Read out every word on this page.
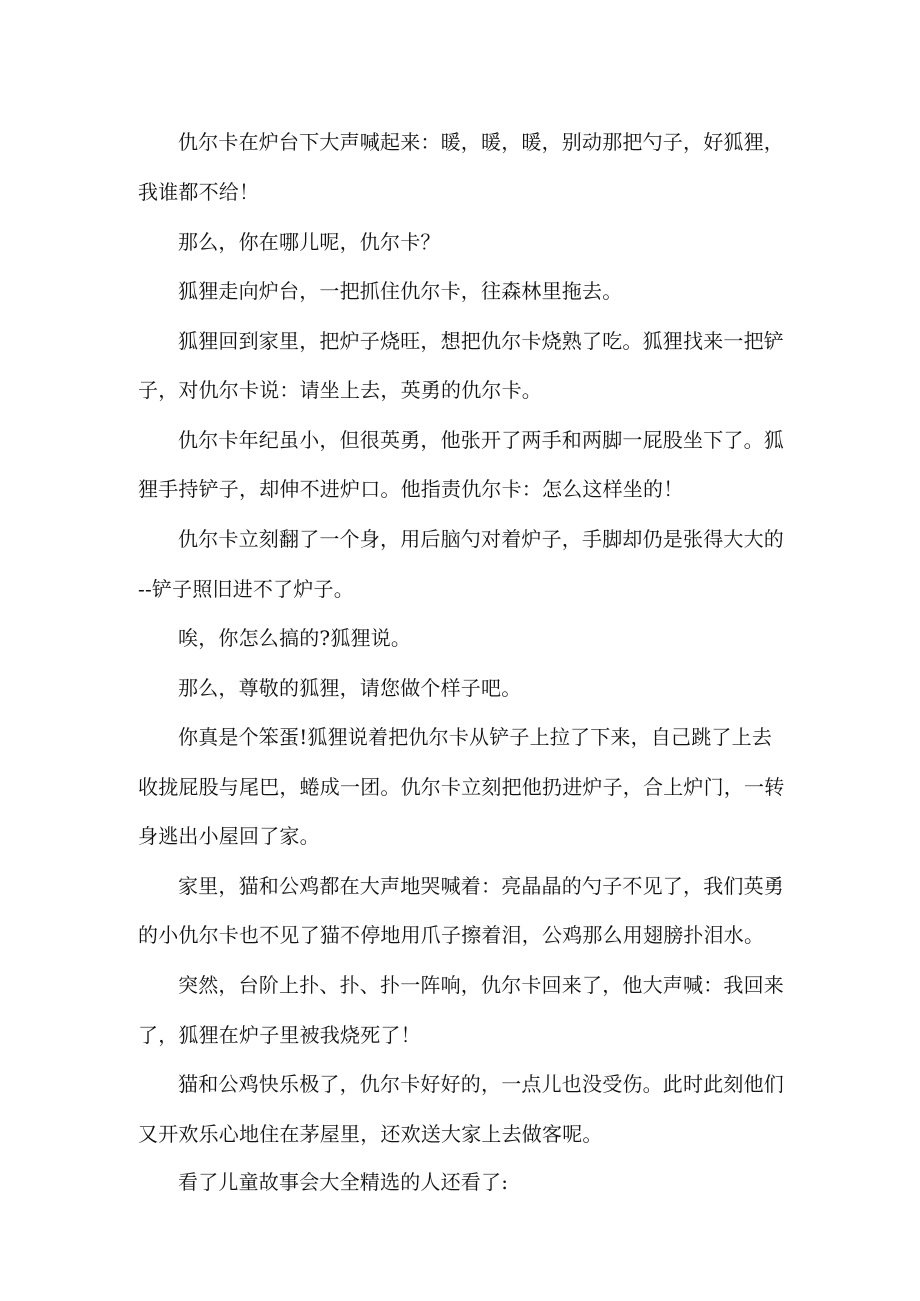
仇尔卡在炉台下大声喊起来：暖，暖，暖，别动那把勺子，好狐狸，
我谁都不给！
那么，你在哪儿呢，仇尔卡？
狐狸走向炉台，一把抓住仇尔卡，往森林里拖去。
狐狸回到家里，把炉子烧旺，想把仇尔卡烧熟了吃。狐狸找来一把铲
子，对仇尔卡说：请坐上去，英勇的仇尔卡。
仇尔卡年纪虽小，但很英勇，他张开了两手和两脚一屁股坐下了。狐
狸手持铲子，却伸不进炉口。他指责仇尔卡：怎么这样坐的！
仇尔卡立刻翻了一个身，用后脑勺对着炉子，手脚却仍是张得大大的
--铲子照旧进不了炉子。
唉，你怎么搞的?狐狸说。
那么，尊敬的狐狸，请您做个样子吧。
你真是个笨蛋!狐狸说着把仇尔卡从铲子上拉了下来，自己跳了上去
收拢屁股与尾巴，蜷成一团。仇尔卡立刻把他扔进炉子，合上炉门，一转
身逃出小屋回了家。
家里，猫和公鸡都在大声地哭喊着：亮晶晶的勺子不见了，我们英勇
的小仇尔卡也不见了猫不停地用爪子擦着泪，公鸡那么用翅膀扑泪水。
突然，台阶上扑、扑、扑一阵响，仇尔卡回来了，他大声喊：我回来
了，狐狸在炉子里被我烧死了！
猫和公鸡快乐极了，仇尔卡好好的，一点儿也没受伤。此时此刻他们
又开欢乐心地住在茅屋里，还欢送大家上去做客呢。
看了儿童故事会大全精选的人还看了:
